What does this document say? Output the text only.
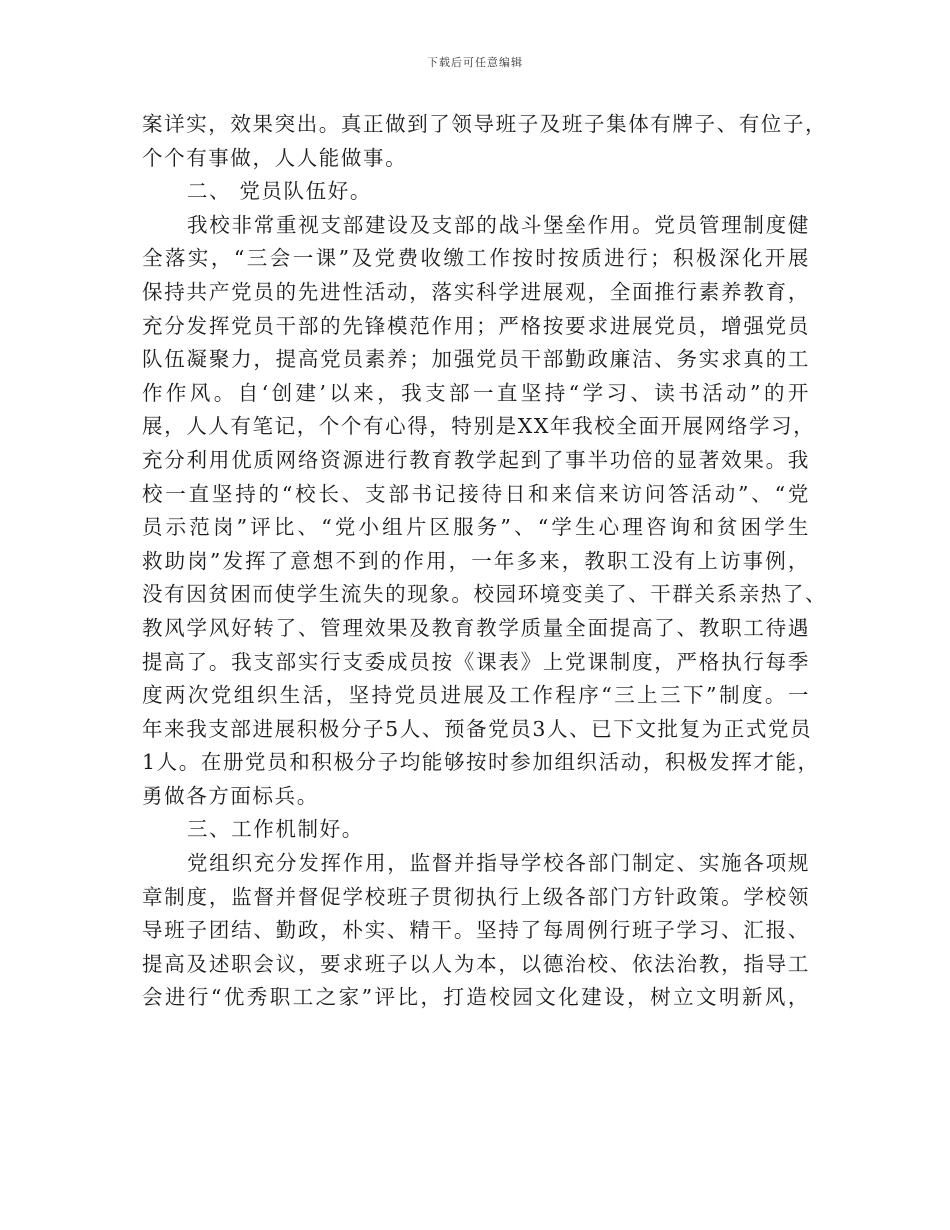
下载后可任意编辑
案详实，效果突出。真正做到了领导班子及班子集体有牌子、有位子，
个个有事做，人人能做事。
二、 党员队伍好。
我校非常重视支部建设及支部的战斗堡垒作用。党员管理制度健
全落实，“三会一课”及党费收缴工作按时按质进行；积极深化开展
保持共产党员的先进性活动，落实科学进展观，全面推行素养教育，
充分发挥党员干部的先锋模范作用；严格按要求进展党员，增强党员
队伍凝聚力，提高党员素养；加强党员干部勤政廉洁、务实求真的工
作作风。自‘创建’以来，我支部一直坚持“学习、读书活动”的开
展，人人有笔记，个个有心得，特别是XX年我校全面开展网络学习，
充分利用优质网络资源进行教育教学起到了事半功倍的显著效果。我
校一直坚持的“校长、支部书记接待日和来信来访问答活动”、“党
员示范岗”评比、“党小组片区服务”、“学生心理咨询和贫困学生
救助岗”发挥了意想不到的作用，一年多来，教职工没有上访事例，
没有因贫困而使学生流失的现象。校园环境变美了、干群关系亲热了、
教风学风好转了、管理效果及教育教学质量全面提高了、教职工待遇
提高了。我支部实行支委成员按《课表》上党课制度，严格执行每季
度两次党组织生活，坚持党员进展及工作程序“三上三下”制度。一
年来我支部进展积极分子5人、预备党员3人、已下文批复为正式党员
1人。在册党员和积极分子均能够按时参加组织活动，积极发挥才能，
勇做各方面标兵。
三、工作机制好。
党组织充分发挥作用，监督并指导学校各部门制定、实施各项规
章制度，监督并督促学校班子贯彻执行上级各部门方针政策。学校领
导班子团结、勤政，朴实、精干。坚持了每周例行班子学习、汇报、
提高及述职会议，要求班子以人为本，以德治校、依法治教，指导工
会进行“优秀职工之家”评比，打造校园文化建设，树立文明新风，
